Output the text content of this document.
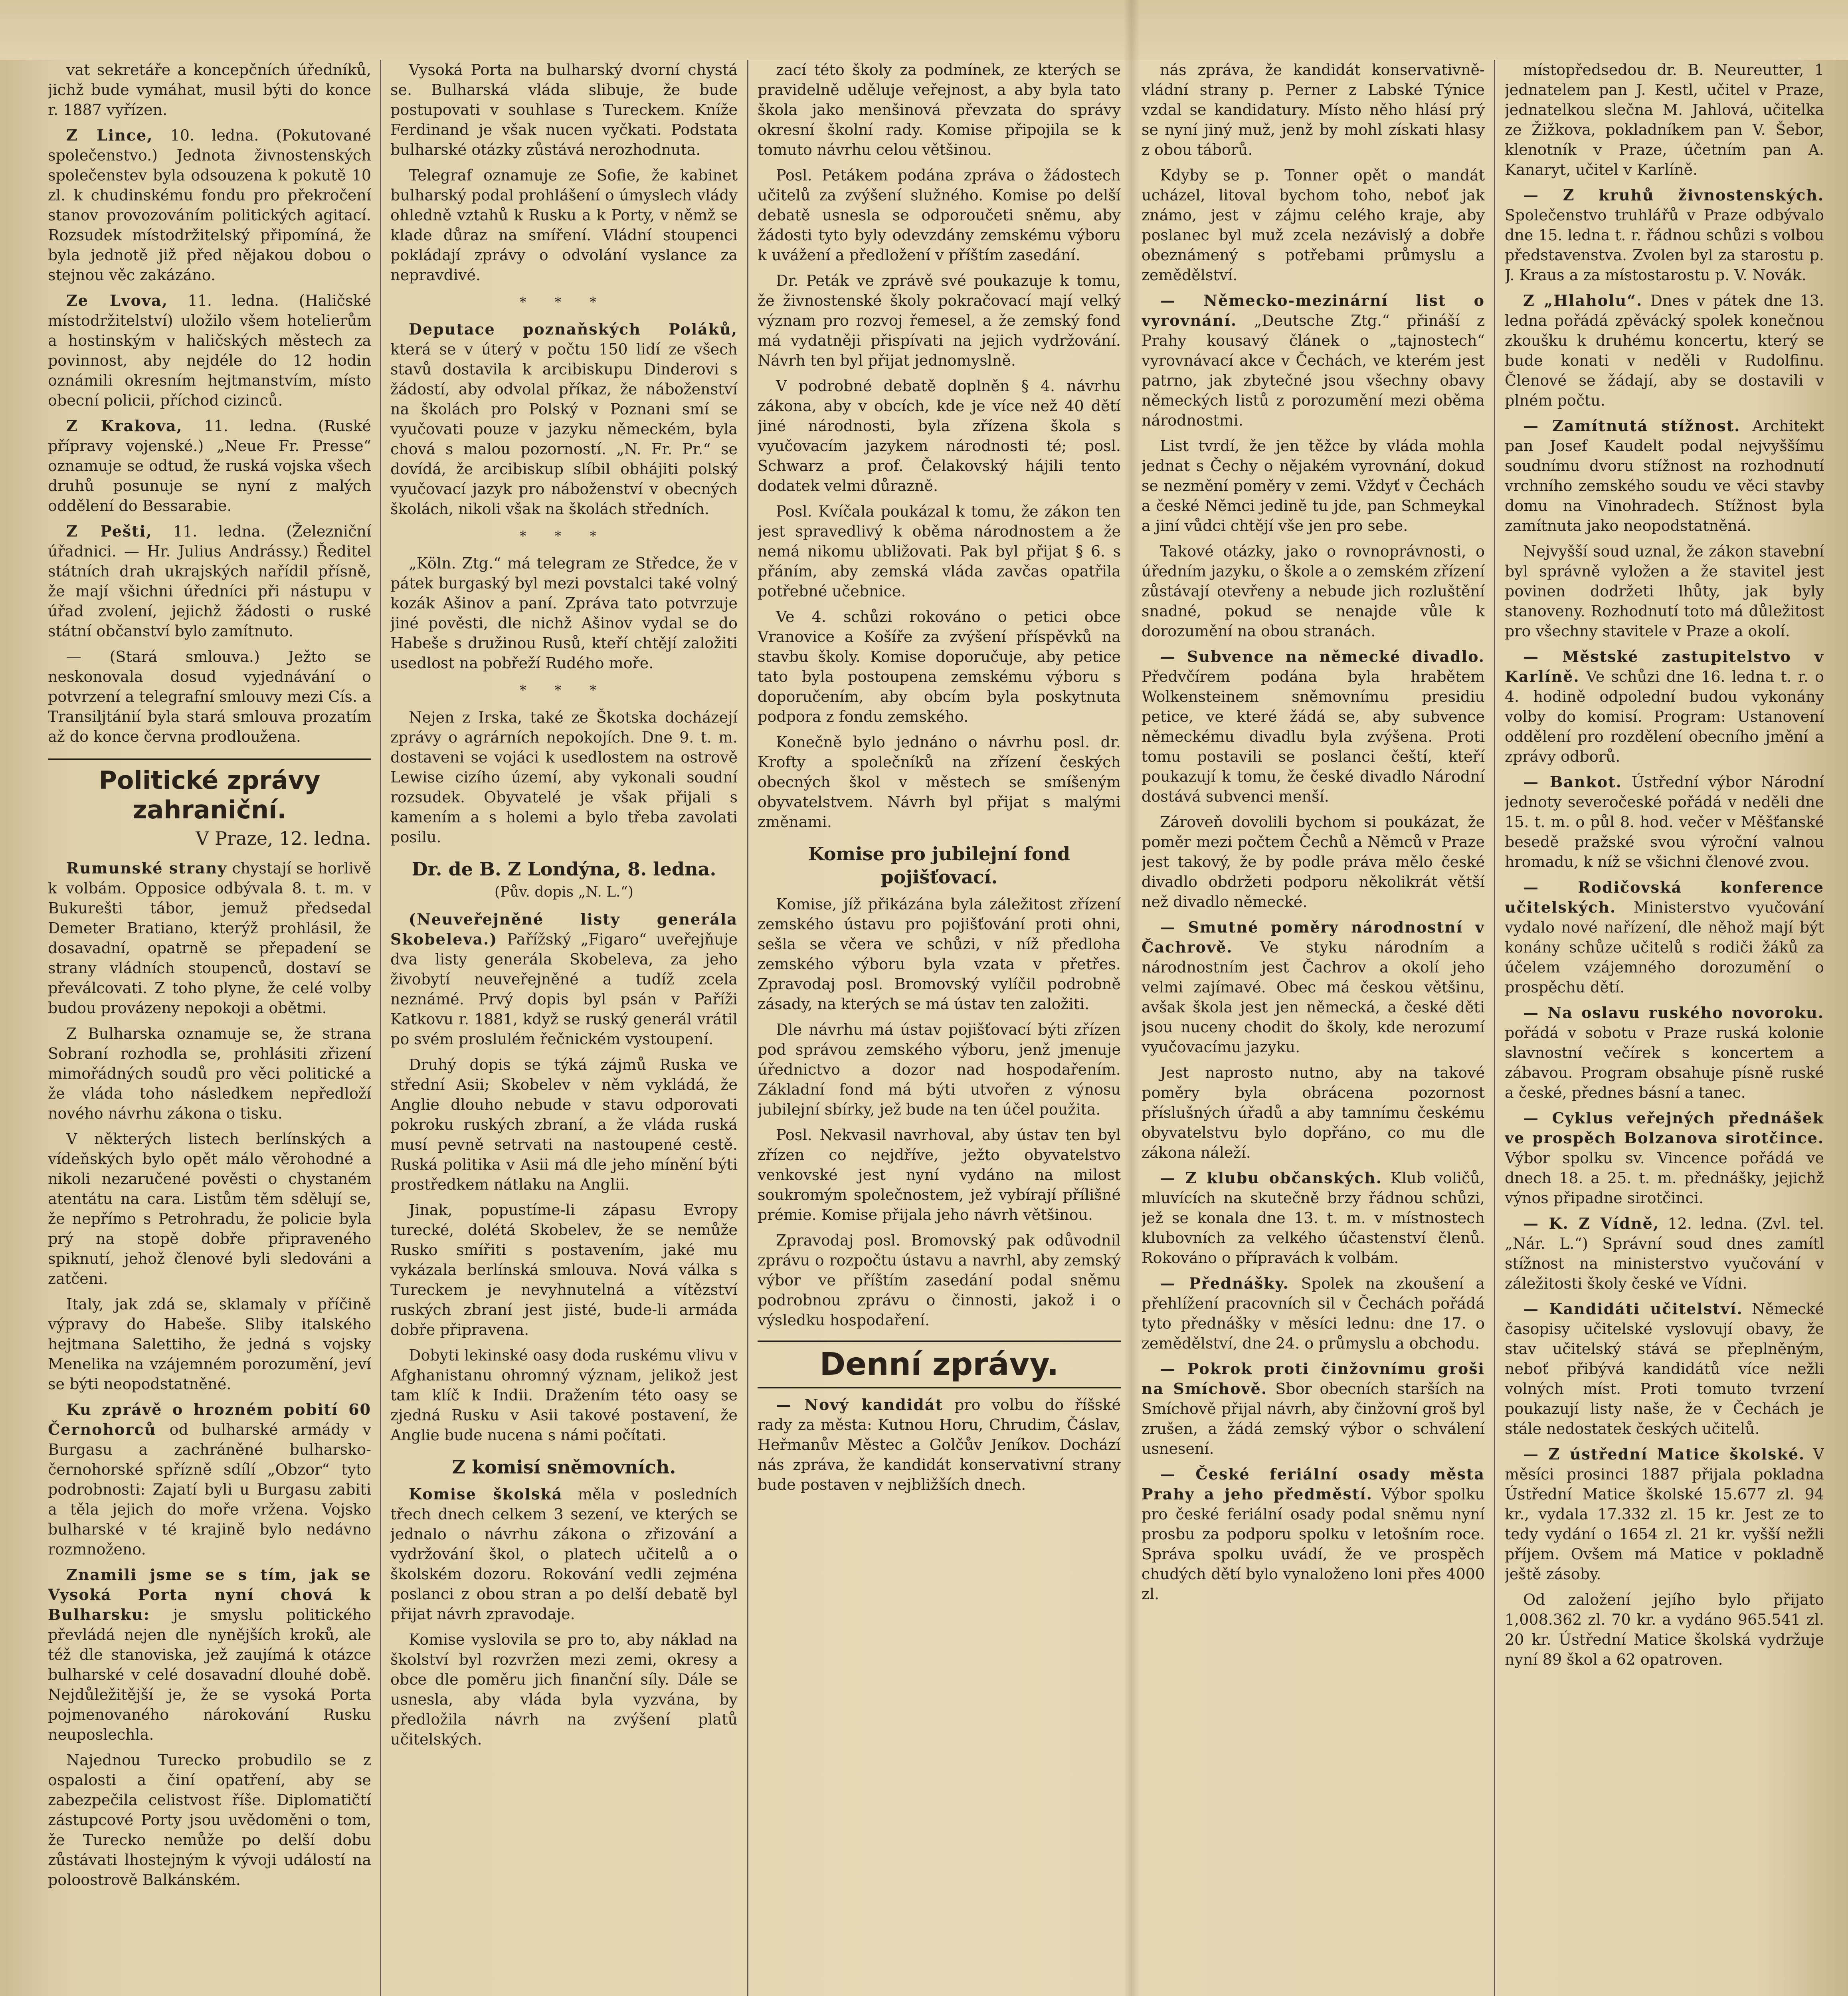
vat sekretáře a koncepčních úředníků, jichž bude vymáhat, musil býti do konce r. 1887 vyřízen.

Z Lince, 10. ledna. (Pokutované společenstvo.) Jednota živnostenských společenstev byla odsouzena k pokutě 10 zl. k chudinskému fondu pro překročení stanov provozováním politických agitací. Rozsudek místodržitelský připomíná, že byla jednotě již před nějakou dobou o stejnou věc zakázáno.

Ze Lvova, 11. ledna. (Haličské místodržitelství) uložilo všem hotelierům a hostinským v haličských městech za povinnost, aby nejdéle do 12 hodin oznámili okresním hejtmanstvím, místo obecní policii, příchod cizinců.

Z Krakova, 11. ledna. (Ruské přípravy vojenské.) „Neue Fr. Presse“ oznamuje se odtud, že ruská vojska všech druhů posunuje se nyní z malých oddělení do Bessarabie.

Z Pešti, 11. ledna. (Železniční úřadnici. — Hr. Julius Andrássy.) Ředitel státních drah ukrajských nařídil přísně, že mají všichni úředníci při nástupu v úřad zvolení, jejichž žádosti o ruské státní občanství bylo zamítnuto.

— (Stará smlouva.) Ježto se neskonovala dosud vyjednávání o potvrzení a telegrafní smlouvy mezi Cís. a Transiljtánií byla stará smlouva prozatím až do konce června prodloužena.

Politické zprávy zahraniční.
V Praze, 12. ledna.

Rumunské strany chystají se horlivě k volbám. Opposice odbývala 8. t. m. v Bukurešti tábor, jemuž předsedal Demeter Bratiano, kterýž prohlásil, že dosavadní, opatrně se přepadení se strany vládních stoupenců, dostaví se převálcovati. Z toho plyne, že celé volby budou provázeny nepokoji a obětmi.

Z Bulharska oznamuje se, že strana Sobraní rozhodla se, prohlásiti zřizení mimořádných soudů pro věci politické a že vláda toho následkem nepředloží nového návrhu zákona o tisku.

V některých listech berlínských a vídeňských bylo opět málo věrohodné a nikoli nezaručené pověsti o chystaném atentátu na cara. Listům těm sdělují se, že nepřímo s Petrohradu, že policie byla prý na stopě dobře připraveného spiknutí, jehož členové byli sledováni a zatčeni.

Italy, jak zdá se, sklamaly v příčině výpravy do Habeše. Sliby italského hejtmana Salettiho, že jedná s vojsky Menelika na vzájemném porozumění, jeví se býti neopodstatněné.

Ku zprávě o hrozném pobití 60 Černohorců od bulharské armády v Burgasu a zachráněné bulharsko-černohorské spřízně sdílí „Obzor“ tyto podrobnosti: Zajatí byli u Burgasu zabiti a těla jejich do moře vržena. Vojsko bulharské v té krajině bylo nedávno rozmnoženo.

Znamili jsme se s tím, jak se Vysoká Porta nyní chová k Bulharsku: je smyslu politického převládá nejen dle nynějších kroků, ale též dle stanoviska, jež zaujímá k otázce bulharské v celé dosavadní dlouhé době. Nejdůležitější je, že se vysoká Porta pojmenovaného nárokování Rusku neuposlechla.

Najednou Turecko probudilo se z ospalosti a činí opatření, aby se zabezpečila celistvost říše. Diplomatičtí zástupcové Porty jsou uvědoměni o tom, že Turecko nemůže po delší dobu zůstávati lhostejným k vývoji událostí na poloostrově Balkánském.

Vysoká Porta na bulharský dvorní chystá se. Bulharská vláda slibuje, že bude postupovati v souhlase s Tureckem. Kníže Ferdinand je však nucen vyčkati. Podstata bulharské otázky zůstává nerozhodnuta.

Telegraf oznamuje ze Sofie, že kabinet bulharský podal prohlášení o úmyslech vlády ohledně vztahů k Rusku a k Porty, v němž se klade důraz na smíření. Vládní stoupenci pokládají zprávy o odvolání vyslance za nepravdivé.

* * *

Deputace poznaňských Poláků, která se v úterý v počtu 150 lidí ze všech stavů dostavila k arcibiskupu Dinderovi s žádostí, aby odvolal příkaz, že náboženství na školách pro Polský v Poznani smí se vyučovati pouze v jazyku německém, byla chová s malou pozorností. „N. Fr. Pr.“ se dovídá, že arcibiskup slíbil obhájiti polský vyučovací jazyk pro náboženství v obecných školách, nikoli však na školách středních.

* * *

„Köln. Ztg.“ má telegram ze Středce, že v pátek burgaský byl mezi povstalci také volný kozák Ašinov a paní. Zpráva tato potvrzuje jiné pověsti, dle nichž Ašinov vydal se do Habeše s družinou Rusů, kteří chtějí založiti usedlost na pobřeží Rudého moře.

* * *

Nejen z Irska, také ze Škotska docházejí zprávy o agrárních nepokojích. Dne 9. t. m. dostaveni se vojáci k usedlostem na ostrově Lewise cizího území, aby vykonali soudní rozsudek. Obyvatelé je však přijali s kamením a s holemi a bylo třeba zavolati posilu.

Dr. de B. Z Londýna, 8. ledna.
(Pův. dopis „N. L.“)

(Neuveřejněné listy generála Skobeleva.) Pařížský „Figaro“ uveřejňuje dva listy generála Skobeleva, za jeho živobytí neuveřejněné a tudíž zcela neznámé. Prvý dopis byl psán v Paříži Katkovu r. 1881, když se ruský generál vrátil po svém proslulém řečnickém vystoupení.

Druhý dopis se týká zájmů Ruska ve střední Asii; Skobelev v něm vykládá, že Anglie dlouho nebude v stavu odporovati pokroku ruských zbraní, a že vláda ruská musí pevně setrvati na nastoupené cestě. Ruská politika v Asii má dle jeho mínění býti prostředkem nátlaku na Anglii.

Jinak, popustíme-li zápasu Evropy turecké, dolétá Skobelev, že se nemůže Rusko smířiti s postavením, jaké mu vykázala berlínská smlouva. Nová válka s Tureckem je nevyhnutelná a vítězství ruských zbraní jest jisté, bude-li armáda dobře připravena.

Dobyti lekinské oasy doda ruskému vlivu v Afghanistanu ohromný význam, jelikož jest tam klíč k Indii. Dražením této oasy se zjedná Rusku v Asii takové postavení, že Anglie bude nucena s námi počítati.

Z komisí sněmovních.

Komise školská měla v posledních třech dnech celkem 3 sezení, ve kterých se jednalo o návrhu zákona o zřizování a vydržování škol, o platech učitelů a o školském dozoru. Rokování vedli zejména poslanci z obou stran a po delší debatě byl přijat návrh zpravodaje.

Komise vyslovila se pro to, aby náklad na školství byl rozvržen mezi zemi, okresy a obce dle poměru jich finanční síly. Dále se usnesla, aby vláda byla vyzvána, by předložila návrh na zvýšení platů učitelských.

zací této školy za podmínek, ze kterých se pravidelně uděluje veřejnost, a aby byla tato škola jako menšinová převzata do správy okresní školní rady. Komise připojila se k tomuto návrhu celou většinou.

Posl. Petákem podána zpráva o žádostech učitelů za zvýšení služného. Komise po delší debatě usnesla se odporoučeti sněmu, aby žádosti tyto byly odevzdány zemskému výboru k uvážení a předložení v příštím zasedání.

Dr. Peták ve zprávě své poukazuje k tomu, že živnostenské školy pokračovací mají velký význam pro rozvoj řemesel, a že zemský fond má vydatněji přispívati na jejich vydržování. Návrh ten byl přijat jednomyslně.

V podrobné debatě doplněn § 4. návrhu zákona, aby v obcích, kde je více než 40 dětí jiné národnosti, byla zřízena škola s vyučovacím jazykem národnosti té; posl. Schwarz a prof. Čelakovský hájili tento dodatek velmi důrazně.

Posl. Kvíčala poukázal k tomu, že zákon ten jest spravedlivý k oběma národnostem a že nemá nikomu ubližovati. Pak byl přijat § 6. s přáním, aby zemská vláda zavčas opatřila potřebné učebnice.

Ve 4. schůzi rokováno o petici obce Vranovice a Košíře za zvýšení příspěvků na stavbu školy. Komise doporučuje, aby petice tato byla postoupena zemskému výboru s doporučením, aby obcím byla poskytnuta podpora z fondu zemského.

Konečně bylo jednáno o návrhu posl. dr. Krofty a společníků na zřízení českých obecných škol v městech se smíšeným obyvatelstvem. Návrh byl přijat s malými změnami.

Komise pro jubilejní fond pojišťovací.

Komise, jíž přikázána byla záležitost zřízení zemského ústavu pro pojišťování proti ohni, sešla se včera ve schůzi, v níž předloha zemského výboru byla vzata v přetřes. Zpravodaj posl. Bromovský vylíčil podrobně zásady, na kterých se má ústav ten založiti.

Dle návrhu má ústav pojišťovací býti zřízen pod správou zemského výboru, jenž jmenuje úřednictvo a dozor nad hospodařením. Základní fond má býti utvořen z výnosu jubilejní sbírky, jež bude na ten účel použita.

Posl. Nekvasil navrhoval, aby ústav ten byl zřízen co nejdříve, ježto obyvatelstvo venkovské jest nyní vydáno na milost soukromým společnostem, jež vybírají přílišné prémie. Komise přijala jeho návrh většinou.

Zpravodaj posl. Bromovský pak odůvodnil zprávu o rozpočtu ústavu a navrhl, aby zemský výbor ve příštím zasedání podal sněmu podrobnou zprávu o činnosti, jakož i o výsledku hospodaření.

Denní zprávy.

— Nový kandidát pro volbu do říšské rady za města: Kutnou Horu, Chrudim, Čáslav, Heřmanův Městec a Golčův Jeníkov. Dochází nás zpráva, že kandidát konservativní strany bude postaven v nejbližších dnech.

nás zpráva, že kandidát konservativně-vládní strany p. Perner z Labské Týnice vzdal se kandidatury. Místo něho hlásí prý se nyní jiný muž, jenž by mohl získati hlasy z obou táborů.

Kdyby se p. Tonner opět o mandát ucházel, litoval bychom toho, neboť jak známo, jest v zájmu celého kraje, aby poslanec byl muž zcela nezávislý a dobře obeznámený s potřebami průmyslu a zemědělství.

— Německo-mezinární list o vyrovnání. „Deutsche Ztg.“ přináší z Prahy kousavý článek o „tajnostech“ vyrovnávací akce v Čechách, ve kterém jest patrno, jak zbytečné jsou všechny obavy německých listů z porozumění mezi oběma národnostmi.

List tvrdí, že jen těžce by vláda mohla jednat s Čechy o nějakém vyrovnání, dokud se nezmění poměry v zemi. Vždyť v Čechách a české Němci jedině tu jde, pan Schmeykal a jiní vůdci chtějí vše jen pro sebe.

Takové otázky, jako o rovnoprávnosti, o úředním jazyku, o škole a o zemském zřízení zůstávají otevřeny a nebude jich rozluštění snadné, pokud se nenajde vůle k dorozumění na obou stranách.

— Subvence na německé divadlo. Předvčírem podána byla hrabětem Wolkensteinem sněmovnímu presidiu petice, ve které žádá se, aby subvence německému divadlu byla zvýšena. Proti tomu postavili se poslanci čeští, kteří poukazují k tomu, že české divadlo Národní dostává subvenci menší.

Zároveň dovolili bychom si poukázat, že poměr mezi počtem Čechů a Němců v Praze jest takový, že by podle práva mělo české divadlo obdržeti podporu několikrát větší než divadlo německé.

— Smutné poměry národnostní v Čachrově. Ve styku národním a národnostním jest Čachrov a okolí jeho velmi zajímavé. Obec má českou většinu, avšak škola jest jen německá, a české děti jsou nuceny chodit do školy, kde nerozumí vyučovacímu jazyku.

Jest naprosto nutno, aby na takové poměry byla obrácena pozornost příslušných úřadů a aby tamnímu českému obyvatelstvu bylo dopřáno, co mu dle zákona náleží.

— Z klubu občanských. Klub voličů, mluvících na skutečně brzy řádnou schůzi, jež se konala dne 13. t. m. v místnostech klubovních za velkého účastenství členů. Rokováno o přípravách k volbám.

— Přednášky. Spolek na zkoušení a přehlížení pracovních sil v Čechách pořádá tyto přednášky v měsíci lednu: dne 17. o zemědělství, dne 24. o průmyslu a obchodu.

— Pokrok proti činžovnímu groši na Smíchově. Sbor obecních starších na Smíchově přijal návrh, aby činžovní groš byl zrušen, a žádá zemský výbor o schválení usnesení.

— České feriální osady města Prahy a jeho předměstí. Výbor spolku pro české feriální osady podal sněmu nyní prosbu za podporu spolku v letošním roce. Správa spolku uvádí, že ve prospěch chudých dětí bylo vynaloženo loni přes 4000 zl.

místopředsedou dr. B. Neureutter, 1 jednatelem pan J. Kestl, učitel v Praze, jednatelkou slečna M. Jahlová, učitelka ze Žižkova, pokladníkem pan V. Šebor, klenotník v Praze, účetním pan A. Kanaryt, učitel v Karlíně.

— Z kruhů živnostenských. Společenstvo truhlářů v Praze odbývalo dne 15. ledna t. r. řádnou schůzi s volbou představenstva. Zvolen byl za starostu p. J. Kraus a za místostarostu p. V. Novák.

Z „Hlaholu“. Dnes v pátek dne 13. ledna pořádá zpěvácký spolek konečnou zkoušku k druhému koncertu, který se bude konati v neděli v Rudolfinu. Členové se žádají, aby se dostavili v plném počtu.

— Zamítnutá stížnost. Architekt pan Josef Kaudelt podal nejvyššímu soudnímu dvoru stížnost na rozhodnutí vrchního zemského soudu ve věci stavby domu na Vinohradech. Stížnost byla zamítnuta jako neopodstatněná.

Nejvyšší soud uznal, že zákon stavební byl správně vyložen a že stavitel jest povinen dodržeti lhůty, jak byly stanoveny. Rozhodnutí toto má důležitost pro všechny stavitele v Praze a okolí.

— Městské zastupitelstvo v Karlíně. Ve schůzi dne 16. ledna t. r. o 4. hodině odpolední budou vykonány volby do komisí. Program: Ustanovení oddělení pro rozdělení obecního jmění a zprávy odborů.

— Bankot. Ústřední výbor Národní jednoty severočeské pořádá v neděli dne 15. t. m. o půl 8. hod. večer v Měšťanské besedě pražské svou výroční valnou hromadu, k níž se všichni členové zvou.

— Rodičovská konference učitelských. Ministerstvo vyučování vydalo nové nařízení, dle něhož mají být konány schůze učitelů s rodiči žáků za účelem vzájemného dorozumění o prospěchu dětí.

— Na oslavu ruského novoroku. pořádá v sobotu v Praze ruská kolonie slavnostní večírek s koncertem a zábavou. Program obsahuje písně ruské a české, přednes básní a tanec.

— Cyklus veřejných přednášek ve prospěch Bolzanova sirotčince. Výbor spolku sv. Vincence pořádá ve dnech 18. a 25. t. m. přednášky, jejichž výnos připadne sirotčinci.

— K. Z Vídně, 12. ledna. (Zvl. tel. „Nár. L.“) Správní soud dnes zamítl stížnost na ministerstvo vyučování v záležitosti školy české ve Vídni.

— Kandidáti učitelství. Německé časopisy učitelské vyslovují obavy, že stav učitelský stává se přeplněným, neboť přibývá kandidátů více nežli volných míst. Proti tomuto tvrzení poukazují listy naše, že v Čechách je stále nedostatek českých učitelů.

— Z ústřední Matice školské. V měsíci prosinci 1887 přijala pokladna Ústřední Matice školské 15.677 zl. 94 kr., vydala 17.332 zl. 15 kr. Jest ze to tedy vydání o 1654 zl. 21 kr. vyšší nežli příjem. Ovšem má Matice v pokladně ještě zásoby.

Od založení jejího bylo přijato 1,008.362 zl. 70 kr. a vydáno 965.541 zl. 20 kr. Ústřední Matice školská vydržuje nyní 89 škol a 62 opatroven.
